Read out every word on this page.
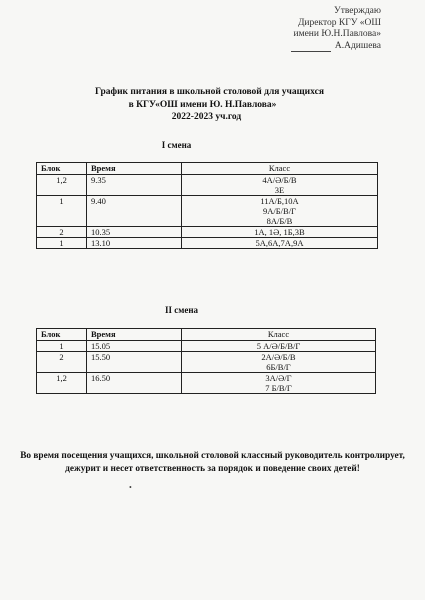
Утверждаю
Директор КГУ «ОШ
имени Ю.Н.Павлова»
А.Адишева
График питания в школьной столовой для учащихся
в КГУ«ОШ имени Ю. Н.Павлова»
2022-2023 уч.год
I смена
Блок	Время	Класс
1,2	9.35	4А/Ә/Б/В
3Е

1	9.40	11А/Б,10А
9А/Б/В/Г
8А/Б/В

2	10.35	1А, 1Ә, 1Б,3В

1	13.10	5А,6А,7А,9А
II смена
Блок	Время	Класс
1	15.05	5 А/Ә/Б/В/Г

2	15.50	2А/Ә/Б/В
6Б/В/Г

1,2	16.50	3А/Ә/Г
7 Б/В/Г
Во время посещения учащихся, школьной столовой классный руководитель контролирует, дежурит и несет ответственность за порядок и поведение своих детей!
•
